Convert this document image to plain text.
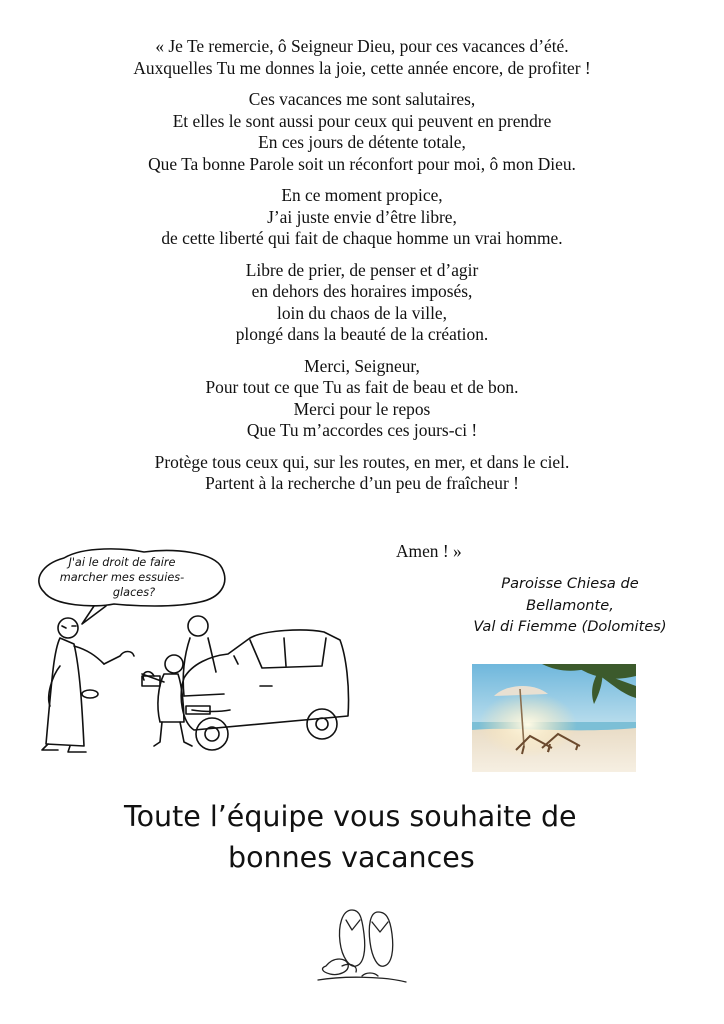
« Je Te remercie, ô Seigneur Dieu, pour ces vacances d’été.
Auxquelles Tu me donnes la joie, cette année encore, de profiter !
Ces vacances me sont salutaires,
Et elles le sont aussi pour ceux qui peuvent en prendre
En ces jours de détente totale,
Que Ta bonne Parole soit un réconfort pour moi, ô mon Dieu.
En ce moment propice,
J’ai juste envie d’être libre,
de cette liberté qui fait de chaque homme un vrai homme.
Libre de prier, de penser et d’agir
en dehors des horaires imposés,
loin du chaos de la ville,
plongé dans la beauté de la création.
Merci, Seigneur,
Pour tout ce que Tu as fait de beau et de bon.
Merci pour le repos
Que Tu m’accordes ces jours-ci !
Protège tous ceux qui, sur les routes, en mer, et dans le ciel.
Partent à la recherche d’un peu de fraîcheur !
Amen ! »
Paroisse Chiesa de
Bellamonte,
Val di Fiemme (Dolomites)
J'ai le droit de faire
marcher mes essuies-
glaces?
Toute l’équipe vous souhaite de
bonnes vacances
